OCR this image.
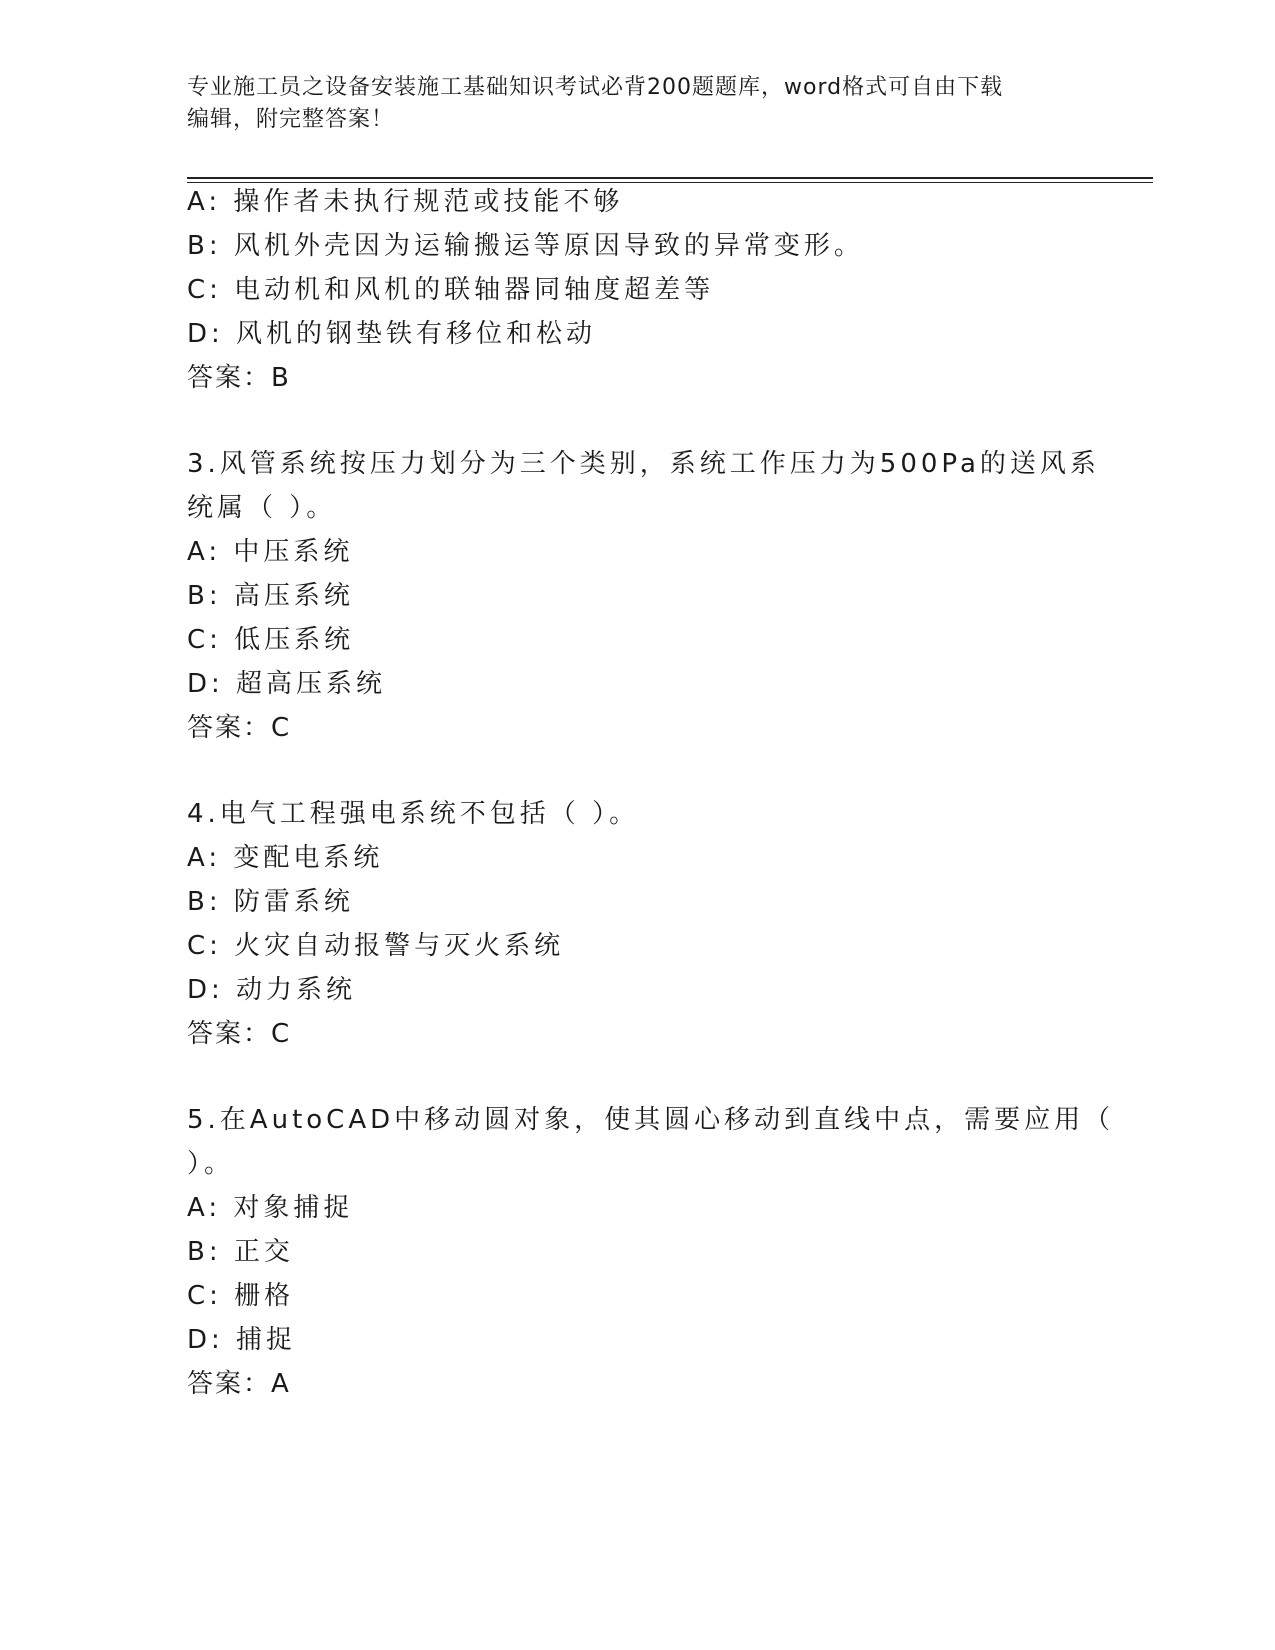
专业施工员之设备安装施工基础知识考试必背200题题库，word格式可自由下载
编辑，附完整答案！
A: 操作者未执行规范或技能不够
B: 风机外壳因为运输搬运等原因导致的异常变形。
C: 电动机和风机的联轴器同轴度超差等
D: 风机的钢垫铁有移位和松动
答案：B
3.风管系统按压力划分为三个类别，系统工作压力为500Pa的送风系
统属（ ）。
A: 中压系统
B: 高压系统
C: 低压系统
D: 超高压系统
答案：C
4.电气工程强电系统不包括（ ）。
A: 变配电系统
B: 防雷系统
C: 火灾自动报警与灭火系统
D: 动力系统
答案：C
5.在AutoCAD中移动圆对象，使其圆心移动到直线中点，需要应用（
）。
A: 对象捕捉
B: 正交
C: 栅格
D: 捕捉
答案：A
